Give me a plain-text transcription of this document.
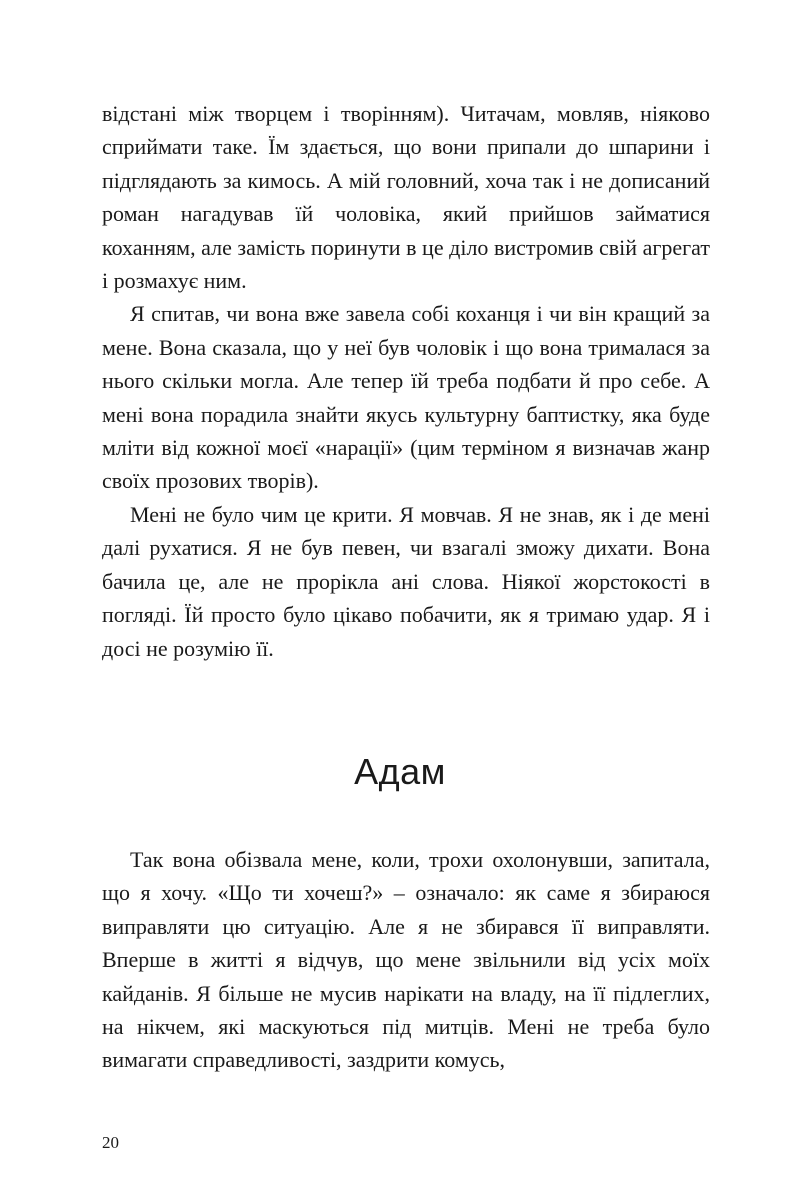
відстані між творцем і творінням). Читачам, мовляв, ніяково сприймати таке. Їм здається, що вони припали до шпарини і підглядають за кимось. А мій головний, хоча так і не дописаний роман нагадував їй чоловіка, який прийшов займатися коханням, але замість поринути в це діло вистромив свій агрегат і розмахує ним.

Я спитав, чи вона вже завела собі коханця і чи він кращий за мене. Вона сказала, що у неї був чоловік і що вона трималася за нього скільки могла. Але тепер їй треба подбати й про себе. А мені вона порадила знайти якусь культурну баптистку, яка буде мліти від кожної моєї «нарації» (цим терміном я визначав жанр своїх прозових творів).

Мені не було чим це крити. Я мовчав. Я не знав, як і де мені далі рухатися. Я не був певен, чи взагалі зможу дихати. Вона бачила це, але не прорікла ані слова. Ніякої жорстокості в погляді. Їй просто було цікаво побачити, як я тримаю удар. Я і досі не розумію її.

Адам

Так вона обізвала мене, коли, трохи охолонувши, запитала, що я хочу. «Що ти хочеш?» – означало: як саме я збираюся виправляти цю ситуацію. Але я не збирався її виправляти. Вперше в житті я відчув, що мене звільнили від усіх моїх кайданів. Я більше не мусив нарікати на владу, на її підлеглих, на нікчем, які маскуються під митців. Мені не треба було вимагати справедливості, заздрити комусь,

20
